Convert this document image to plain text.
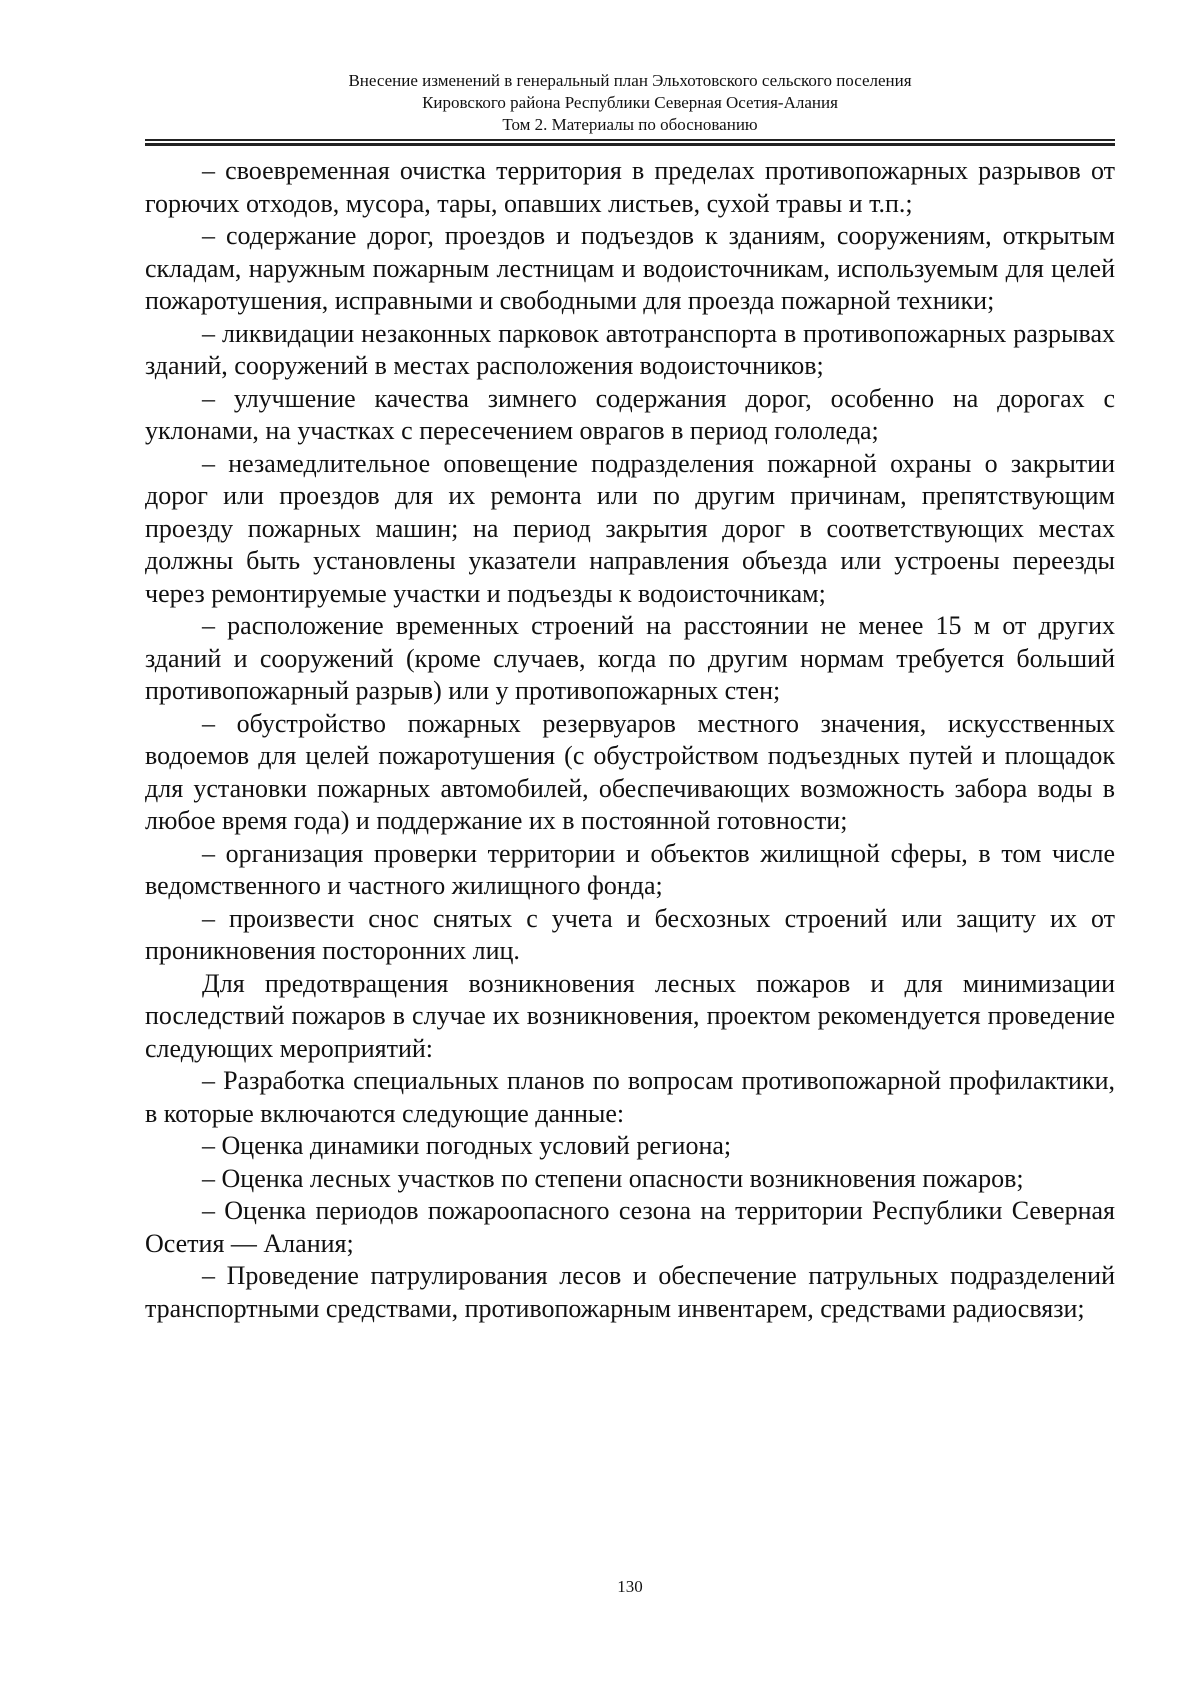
Внесение изменений в генеральный план Эльхотовского сельского поселения
Кировского района Республики Северная Осетия-Алания
Том 2. Материалы по обоснованию

– своевременная очистка территория в пределах противопожарных разрывов от горючих отходов, мусора, тары, опавших листьев, сухой травы и т.п.;

– содержание дорог, проездов и подъездов к зданиям, сооружениям, открытым складам, наружным пожарным лестницам и водоисточникам, используемым для целей пожаротушения, исправными и свободными для проезда пожарной техники;

– ликвидации незаконных парковок автотранспорта в противопожарных разрывах зданий, сооружений в местах расположения водоисточников;

– улучшение качества зимнего содержания дорог, особенно на дорогах с уклонами, на участках с пересечением оврагов в период гололеда;

– незамедлительное оповещение подразделения пожарной охраны о закрытии дорог или проездов для их ремонта или по другим причинам, препятствующим проезду пожарных машин; на период закрытия дорог в соответствующих местах должны быть установлены указатели направления объезда или устроены переезды через ремонтируемые участки и подъезды к водоисточникам;

– расположение временных строений на расстоянии не менее 15 м от других зданий и сооружений (кроме случаев, когда по другим нормам требуется больший противопожарный разрыв) или у противопожарных стен;

– обустройство пожарных резервуаров местного значения, искусственных водоемов для целей пожаротушения (с обустройством подъездных путей и площадок для установки пожарных автомобилей, обеспечивающих возможность забора воды в любое время года) и поддержание их в постоянной готовности;

– организация проверки территории и объектов жилищной сферы, в том числе ведомственного и частного жилищного фонда;

– произвести снос снятых с учета и бесхозных строений или защиту их от проникновения посторонних лиц.

Для предотвращения возникновения лесных пожаров и для минимизации последствий пожаров в случае их возникновения, проектом рекомендуется проведение следующих мероприятий:

– Разработка специальных планов по вопросам противопожарной профилактики, в которые включаются следующие данные:

– Оценка динамики погодных условий региона;

– Оценка лесных участков по степени опасности возникновения пожаров;

– Оценка периодов пожароопасного сезона на территории Республики Северная Осетия — Алания;

– Проведение патрулирования лесов и обеспечение патрульных подразделений транспортными средствами, противопожарным инвентарем, средствами радиосвязи;

130
